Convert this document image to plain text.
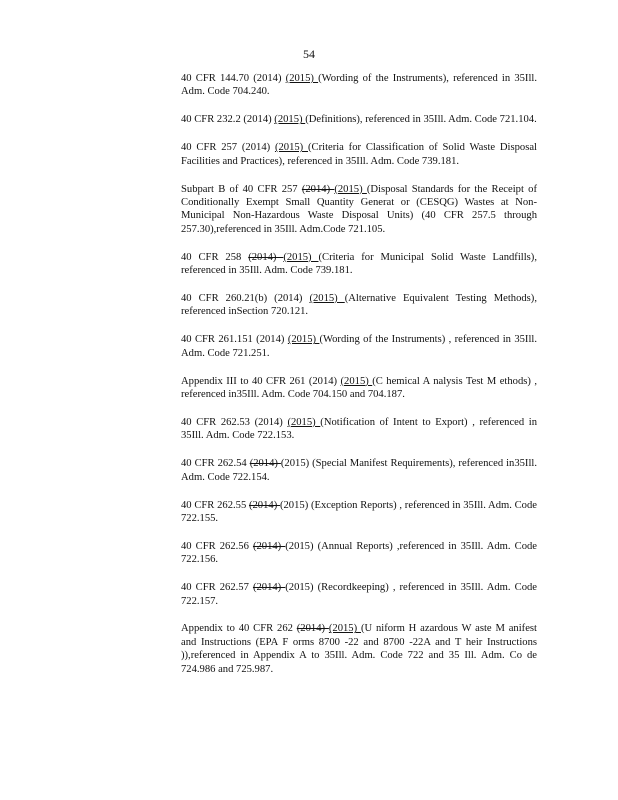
54

40 CFR 144.70 (2014) (2015) (Wording of the Instruments), referenced in 35Ill. Adm. Code 704.240.

40 CFR 232.2 (2014) (2015) (Definitions), referenced in 35Ill. Adm. Code 721.104.

40 CFR 257 (2014) (2015) (Criteria for Classification of Solid Waste Disposal Facilities and Practices), referenced in 35Ill. Adm. Code 739.181.

Subpart B of 40 CFR 257 (2014) (2015) (Disposal Standards for the Receipt of Conditionally Exempt Small Quantity Generat or (CESQG) Wastes at Non-Municipal Non-Hazardous Waste Disposal Units) (40 CFR 257.5 through 257.30),referenced in 35Ill. Adm.Code 721.105.

40 CFR 258 (2014) (2015) (Criteria for Municipal Solid Waste Landfills), referenced in 35Ill. Adm. Code 739.181.

40 CFR 260.21(b) (2014) (2015) (Alternative Equivalent Testing Methods), referenced inSection 720.121.

40 CFR 261.151 (2014) (2015) (Wording of the Instruments) , referenced in 35Ill. Adm. Code 721.251.

Appendix III to 40 CFR 261 (2014) (2015) (C hemical A nalysis Test M ethods) , referenced in35Ill. Adm. Code 704.150 and 704.187.

40 CFR 262.53 (2014) (2015) (Notification of Intent to Export) , referenced in 35Ill. Adm. Code 722.153.

40 CFR 262.54 (2014) (2015) (Special Manifest Requirements), referenced in35Ill. Adm. Code 722.154.

40 CFR 262.55 (2014) (2015) (Exception Reports) , referenced in 35Ill. Adm. Code 722.155.

40 CFR 262.56 (2014) (2015) (Annual Reports) ,referenced in 35Ill. Adm. Code 722.156.

40 CFR 262.57 (2014) (2015) (Recordkeeping) , referenced in 35Ill. Adm. Code 722.157.

Appendix to 40 CFR 262 (2014) (2015) (U niform H azardous W aste M anifest and Instructions (EPA F orms 8700 -22 and 8700 -22A and T heir Instructions )),referenced in Appendix A to 35Ill. Adm. Code 722 and 35 Ill. Adm. Co de 724.986 and 725.987.
